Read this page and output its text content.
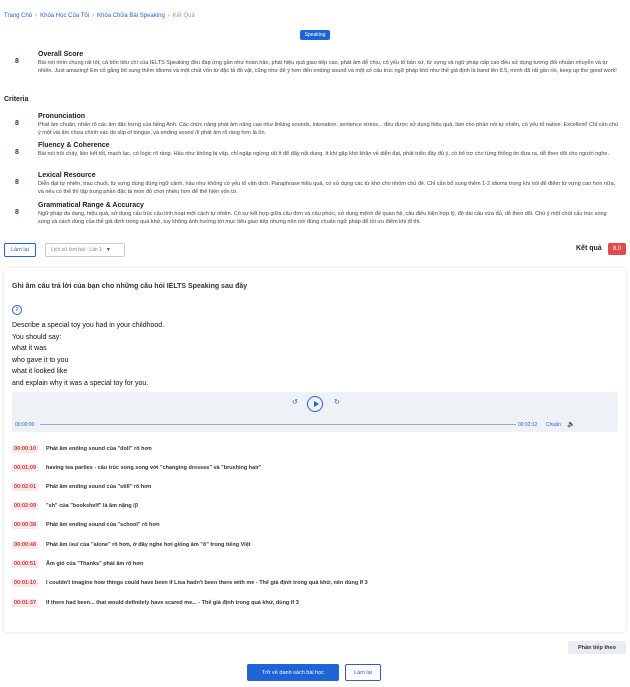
Trang Chủ › Khóa Học Của Tôi › Khóa Chữa Bài Speaking › Kết Quả
Speaking
8
Overall Score
Bài nói nhìn chung rất tốt, cả bốn tiêu chí của IELTS Speaking đều đáp ứng gần như hoàn hảo, phát hiệu quả giao tiếp cao, phát âm dễ chịu, có yếu tố bản xứ, từ vựng và ngữ pháp cấp cao đều sử dụng tương đối nhuần nhuyễn và tự nhiên. Just amazing! Em cố gắng bổ sung thêm idioms và một chút vốn từ đặc tả đồ vật, cũng như để ý hơn đến ending sound và một số cấu trúc ngữ pháp khó như thể giả định là band lên 8.5, mình đã rất gần rồi, keep up the good work!
Criteria
8
Pronunciation
Phát âm chuẩn, nhấn rõ các âm đặc trưng của tiếng Anh. Các chức năng phát âm nâng cao như linking sounds, intonation, sentence stress... đều được sử dụng hiệu quả, làm cho phần nói tự nhiên, có yếu tố native. Excellent! Chỉ cần chú ý một vài âm chưa chính xác do slip of tongue, và ending sound /l/ phát âm rõ ràng hơn là ổn.
8
Fluency & Coherence
Bài nói trôi chảy, liền kết tốt, mạch lạc, có logic rõ ràng. Hầu như không bị vấp, chỉ ngập ngừng rất ít để đẩy nội dung, ít khi gặp khó khăn về diễn đạt, phát triển đầy đủ ý, có bố trợ cho từng thông tin đưa ra, dễ theo dõi cho người nghe.
8
Lexical Resource
Diễn đạt tự nhiên, trau chuốt, từ vựng dùng đúng ngữ cảnh, hầu như không có yếu tố văn dịch. Paraphrase hiệu quả, có sử dụng các từ khó cho nhóm chủ đề. Chỉ cần bổ sung thêm 1-2 idioms trong khi nói để điểm từ vựng cao hơn nữa, và nếu có thể thì tập trung phần đặc tả món đồ chơi nhiều hơn để thể hiện vốn từ.
8
Grammatical Range & Accuracy
Ngữ pháp đa dạng, hiệu quả, sử dụng cấu trúc câu linh hoạt một cách tự nhiên. Có sự kết hợp giữa câu đơn và câu phức, sử dụng mệnh đề quan hệ, câu điều kiện hợp lý, độ dài câu vừa đủ, dễ theo dõi. Chú ý một chút cấu trúc song song và cách dùng của thể giả định trong quá khứ, tuy không ảnh hưởng tới mục tiêu giao tiếp nhưng nên nói đúng chuẩn ngữ pháp để tối ưu điểm khi đi thi.
Làm lại	Lịch sử làm bài - Lần 1 ▼	Kết quả	8.0
Ghi âm câu trả lời của bạn cho những câu hỏi IELTS Speaking sau đây
2
Describe a special toy you had in your childhood.
You should say:
what it was
who gave it to you
what it looked like
and explain why it was a special toy for you.
↺	↻
00:00:00	00:02:12 Chuẩn 🔈
00:00:10	Phát âm ending sound của "doll" rõ hơn
00:01:09	having tea parties - câu trúc song song với "changing dresses" và "brushing hair"
00:02:01	Phát âm ending sound của "still" rõ hơn
00:02:09	"sh" của "bookshelf" là âm nặng /ʃ/
00:00:38	Phát âm ending sound của "school" rõ hơn
00:00:48	Phát âm /əʊ/ của "alone" rõ hơn, ở đây nghe hơi giống âm "ô" trong tiếng Việt
00:00:51	Âm gió của "Thanks" phát âm rõ hơn
00:01:10	I couldn't imagine how things could have been if Lisa hadn't been there with me - Thể giả định trong quá khứ, nên dùng If 3
00:01:37	If there had been... that would definitely have scared me... - Thể giả định trong quá khứ, dùng If 3
Phần tiếp theo
Trở về danh sách bài học	Làm lại
